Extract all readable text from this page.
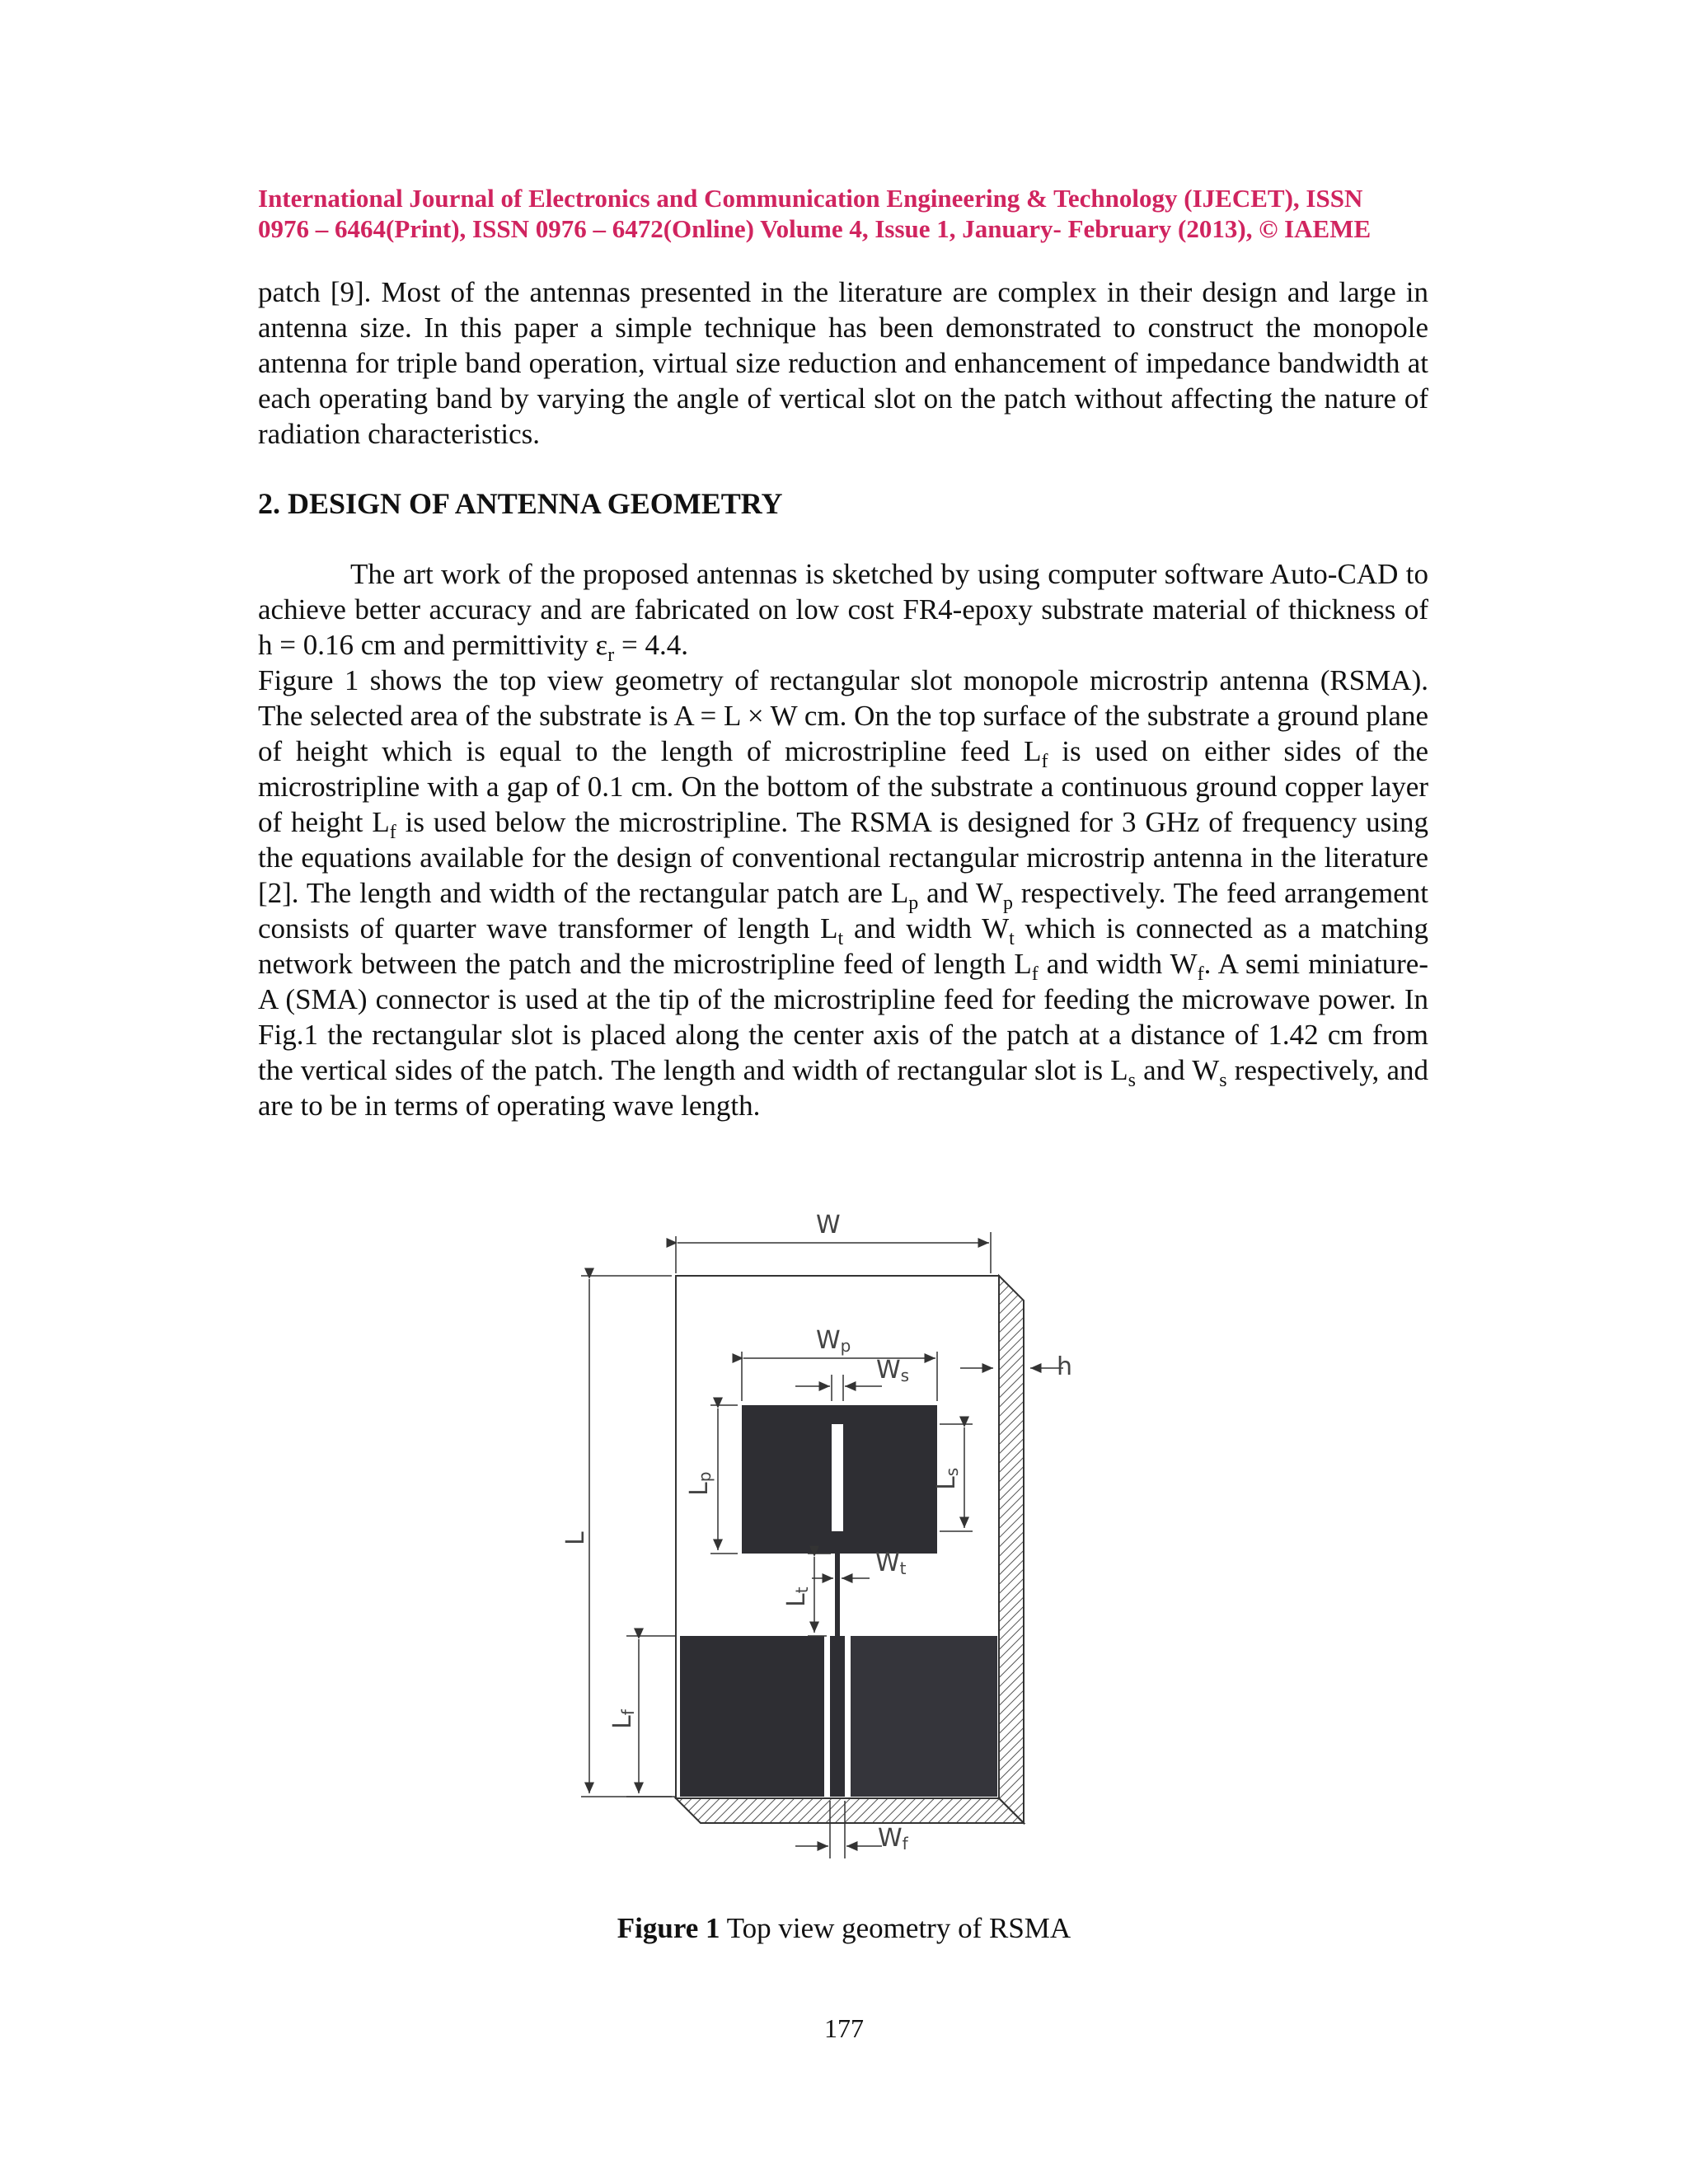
International Journal of Electronics and Communication Engineering & Technology (IJECET), ISSN
0976 – 6464(Print), ISSN 0976 – 6472(Online) Volume 4, Issue 1, January- February (2013), © IAEME

patch [9]. Most of the antennas presented in the literature are complex in their design and large in antenna size. In this paper a simple technique has been demonstrated to construct the monopole antenna for triple band operation, virtual size reduction and enhancement of impedance bandwidth at each operating band by varying the angle of vertical slot on the patch without affecting the nature of radiation characteristics.

2. DESIGN OF ANTENNA GEOMETRY

The art work of the proposed antennas is sketched by using computer software Auto-CAD to achieve better accuracy and are fabricated on low cost FR4-epoxy substrate material of thickness of h = 0.16 cm and permittivity $\varepsilon_r = 4.4$.

Figure 1 shows the top view geometry of rectangular slot monopole microstrip antenna (RSMA). The selected area of the substrate is A = L × W cm. On the top surface of the substrate a ground plane of height which is equal to the length of microstripline feed $L_f$ is used on either sides of the microstripline with a gap of 0.1 cm. On the bottom of the substrate a continuous ground copper layer of height $L_f$ is used below the microstripline. The RSMA is designed for 3 GHz of frequency using the equations available for the design of conventional rectangular microstrip antenna in the literature [2]. The length and width of the rectangular patch are $L_p$ and $W_p$ respectively. The feed arrangement consists of quarter wave transformer of length $L_t$ and width $W_t$ which is connected as a matching network between the patch and the microstripline feed of length $L_f$ and width $W_f$. A semi miniature-A (SMA) connector is used at the tip of the microstripline feed for feeding the microwave power. In Fig.1 the rectangular slot is placed along the center axis of the patch at a distance of 1.42 cm from the vertical sides of the patch. The length and width of rectangular slot is $L_s$ and $W_s$ respectively, and are to be in terms of operating wave length.

W
Wp
Ws	h
L
Lp	Ls
Lt
Wt
Lf
Wf
Figure 1 Top view geometry of RSMA
177
